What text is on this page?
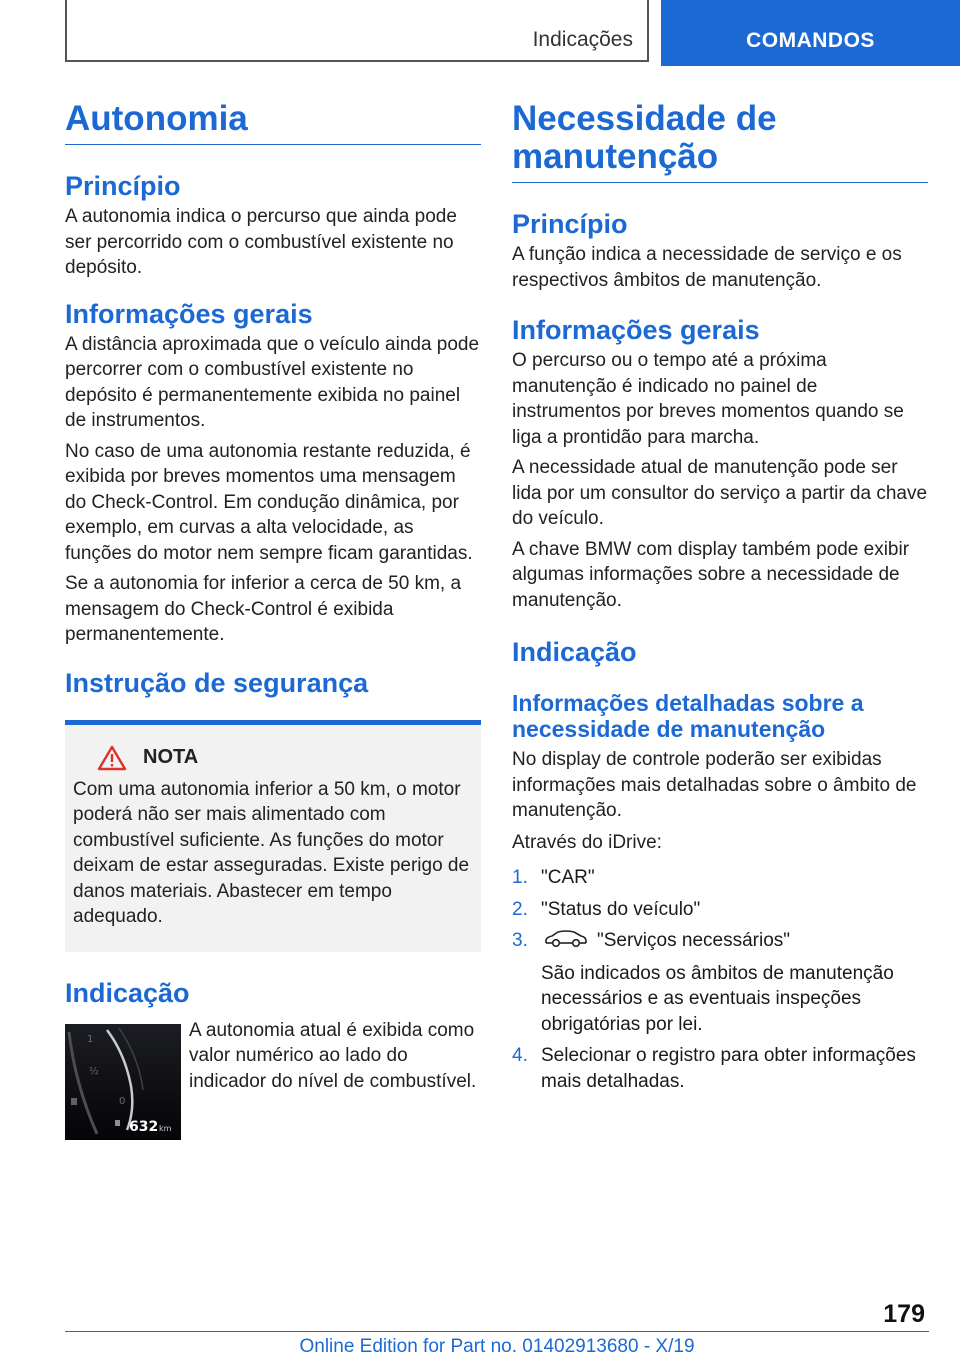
Indicações	COMANDOS
Autonomia
Princípio

A autonomia indica o percurso que ainda pode ser percorrido com o combustível existente no depósito.

Informações gerais

A distância aproximada que o veículo ainda pode percorrer com o combustível existente no depósito é permanentemente exibida no painel de instrumentos.

No caso de uma autonomia restante reduzida, é exibida por breves momentos uma mensagem do Check-Control. Em condução dinâmica, por exemplo, em curvas a alta velocidade, as funções do motor nem sempre ficam garantidas.

Se a autonomia for inferior a cerca de 50 km, a mensagem do Check-Control é exibida permanentemente.

Instrução de segurança
NOTA

Com uma autonomia inferior a 50 km, o motor poderá não ser mais alimentado com combustível suficiente. As funções do motor deixam de estar asseguradas. Existe perigo de danos materiais. Abastecer em tempo adequado.

Indicação
1
½
0
632 km

A autonomia atual é exibida como valor numérico ao lado do indicador do nível de combustível.

Necessidade de manutenção
Princípio

A função indica a necessidade de serviço e os respectivos âmbitos de manutenção.

Informações gerais

O percurso ou o tempo até a próxima manutenção é indicado no painel de instrumentos por breves momentos quando se liga a prontidão para marcha.

A necessidade atual de manutenção pode ser lida por um consultor do serviço a partir da chave do veículo.

A chave BMW com display também pode exibir algumas informações sobre a necessidade de manutenção.

Indicação
Informações detalhadas sobre a necessidade de manutenção

No display de controle poderão ser exibidas informações mais detalhadas sobre o âmbito de manutenção.

Através do iDrive:

1. "CAR"
2. "Status do veículo"
3.	"Serviços necessários"
São indicados os âmbitos de manutenção necessários e as eventuais inspeções obrigatórias por lei.
4. Selecionar o registro para obter informações mais detalhadas.
179
Online Edition for Part no. 01402913680 - X/19
